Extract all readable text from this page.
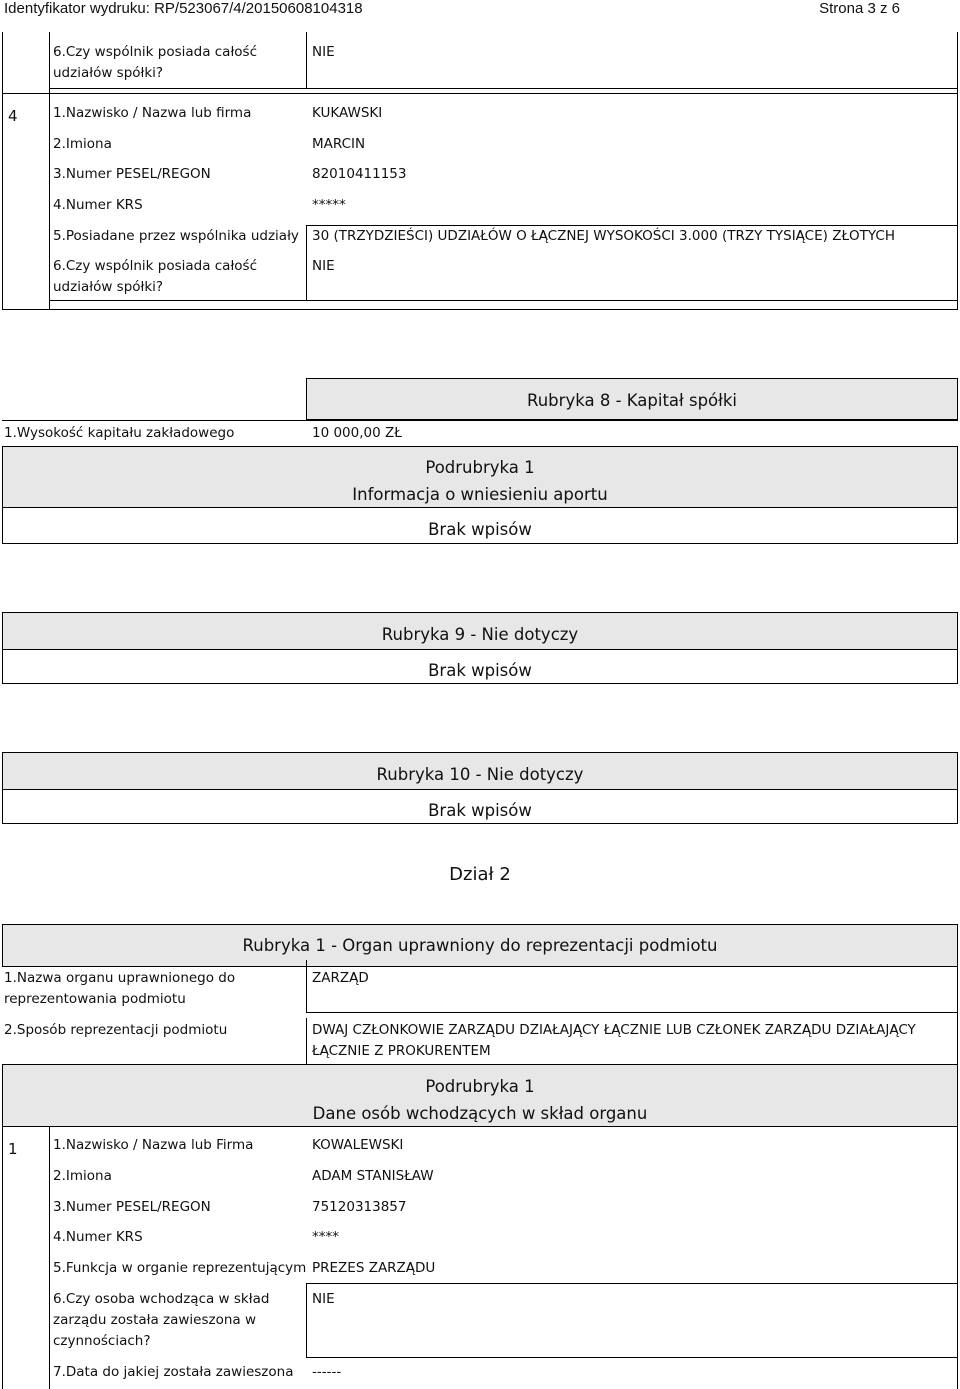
Identyfikator wydruku: RP/523067/4/20150608104318	Strona 3 z 6
6.Czy wspólnik posiada całość
udziałów spółki?
NIE
4	1.Nazwisko / Nazwa lub firma	KUKAWSKI
2.Imiona	MARCIN
3.Numer PESEL/REGON	82010411153
4.Numer KRS	*****
5.Posiadane przez wspólnika udziały 30 (TRZYDZIEŚCI) UDZIAŁÓW O ŁĄCZNEJ WYSOKOŚCI 3.000 (TRZY TYSIĄCE) ZŁOTYCH
6.Czy wspólnik posiada całość
udziałów spółki?
NIE
Rubryka 8 - Kapitał spółki
1.Wysokość kapitału zakładowego	10 000,00 ZŁ
Podrubryka 1
Informacja o wniesieniu aportu
Brak wpisów
Rubryka 9 - Nie dotyczy
Brak wpisów
Rubryka 10 - Nie dotyczy
Brak wpisów
Dział 2
Rubryka 1 - Organ uprawniony do reprezentacji podmiotu
1.Nazwa organu uprawnionego do
reprezentowania podmiotu
ZARZĄD
2.Sposób reprezentacji podmiotu	DWAJ CZŁONKOWIE ZARZĄDU DZIAŁAJĄCY ŁĄCZNIE LUB CZŁONEK ZARZĄDU DZIAŁAJĄCY
ŁĄCZNIE Z PROKURENTEM
Podrubryka 1
Dane osób wchodzących w skład organu
1	1.Nazwisko / Nazwa lub Firma	KOWALEWSKI
2.Imiona	ADAM STANISŁAW
3.Numer PESEL/REGON	75120313857
4.Numer KRS	****
5.Funkcja w organie reprezentującym PREZES ZARZĄDU
6.Czy osoba wchodząca w skład
zarządu została zawieszona w
czynnościach?
NIE
7.Data do jakiej została zawieszona ------
